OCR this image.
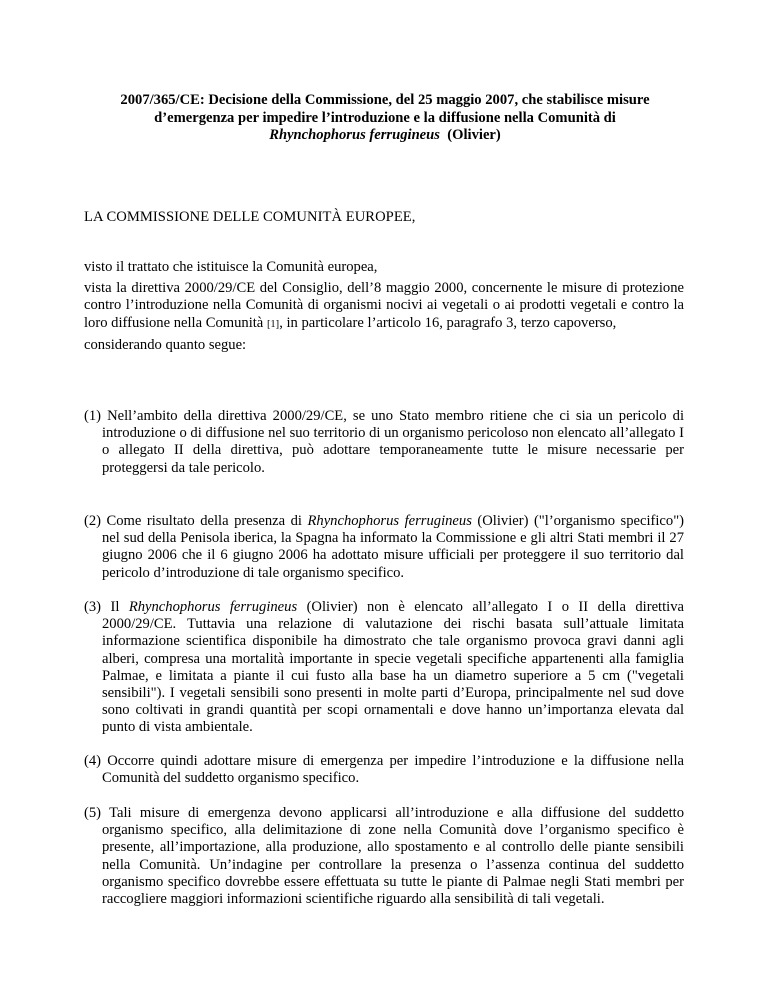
2007/365/CE: Decisione della Commissione, del 25 maggio 2007, che stabilisce misure
d’emergenza per impedire l’introduzione e la diffusione nella Comunità di
Rhynchophorus ferrugineus (Olivier)
LA COMMISSIONE DELLE COMUNITÀ EUROPEE,

visto il trattato che istituisce la Comunità europea,

vista la direttiva 2000/29/CE del Consiglio, dell’8 maggio 2000, concernente le misure di protezione contro l’introduzione nella Comunità di organismi nocivi ai vegetali o ai prodotti vegetali e contro la loro diffusione nella Comunità [1], in particolare l’articolo 16, paragrafo 3, terzo capoverso,

considerando quanto segue:

(1) Nell’ambito della direttiva 2000/29/CE, se uno Stato membro ritiene che ci sia un pericolo di introduzione o di diffusione nel suo territorio di un organismo pericoloso non elencato all’allegato I o allegato II della direttiva, può adottare temporaneamente tutte le misure necessarie per proteggersi da tale pericolo.
(2) Come risultato della presenza di Rhynchophorus ferrugineus (Olivier) ("l’organismo specifico") nel sud della Penisola iberica, la Spagna ha informato la Commissione e gli altri Stati membri il 27 giugno 2006 che il 6 giugno 2006 ha adottato misure ufficiali per proteggere il suo territorio dal pericolo d’introduzione di tale organismo specifico.
(3) Il Rhynchophorus ferrugineus (Olivier) non è elencato all’allegato I o II della direttiva 2000/29/CE. Tuttavia una relazione di valutazione dei rischi basata sull’attuale limitata informazione scientifica disponibile ha dimostrato che tale organismo provoca gravi danni agli alberi, compresa una mortalità importante in specie vegetali specifiche appartenenti alla famiglia Palmae, e limitata a piante il cui fusto alla base ha un diametro superiore a 5 cm ("vegetali sensibili"). I vegetali sensibili sono presenti in molte parti d’Europa, principalmente nel sud dove sono coltivati in grandi quantità per scopi ornamentali e dove hanno un’importanza elevata dal punto di vista ambientale.
(4) Occorre quindi adottare misure di emergenza per impedire l’introduzione e la diffusione nella Comunità del suddetto organismo specifico.
(5) Tali misure di emergenza devono applicarsi all’introduzione e alla diffusione del suddetto organismo specifico, alla delimitazione di zone nella Comunità dove l’organismo specifico è presente, all’importazione, alla produzione, allo spostamento e al controllo delle piante sensibili nella Comunità. Un’indagine per controllare la presenza o l’assenza continua del suddetto organismo specifico dovrebbe essere effettuata su tutte le piante di Palmae negli Stati membri per raccogliere maggiori informazioni scientifiche riguardo alla sensibilità di tali vegetali.
